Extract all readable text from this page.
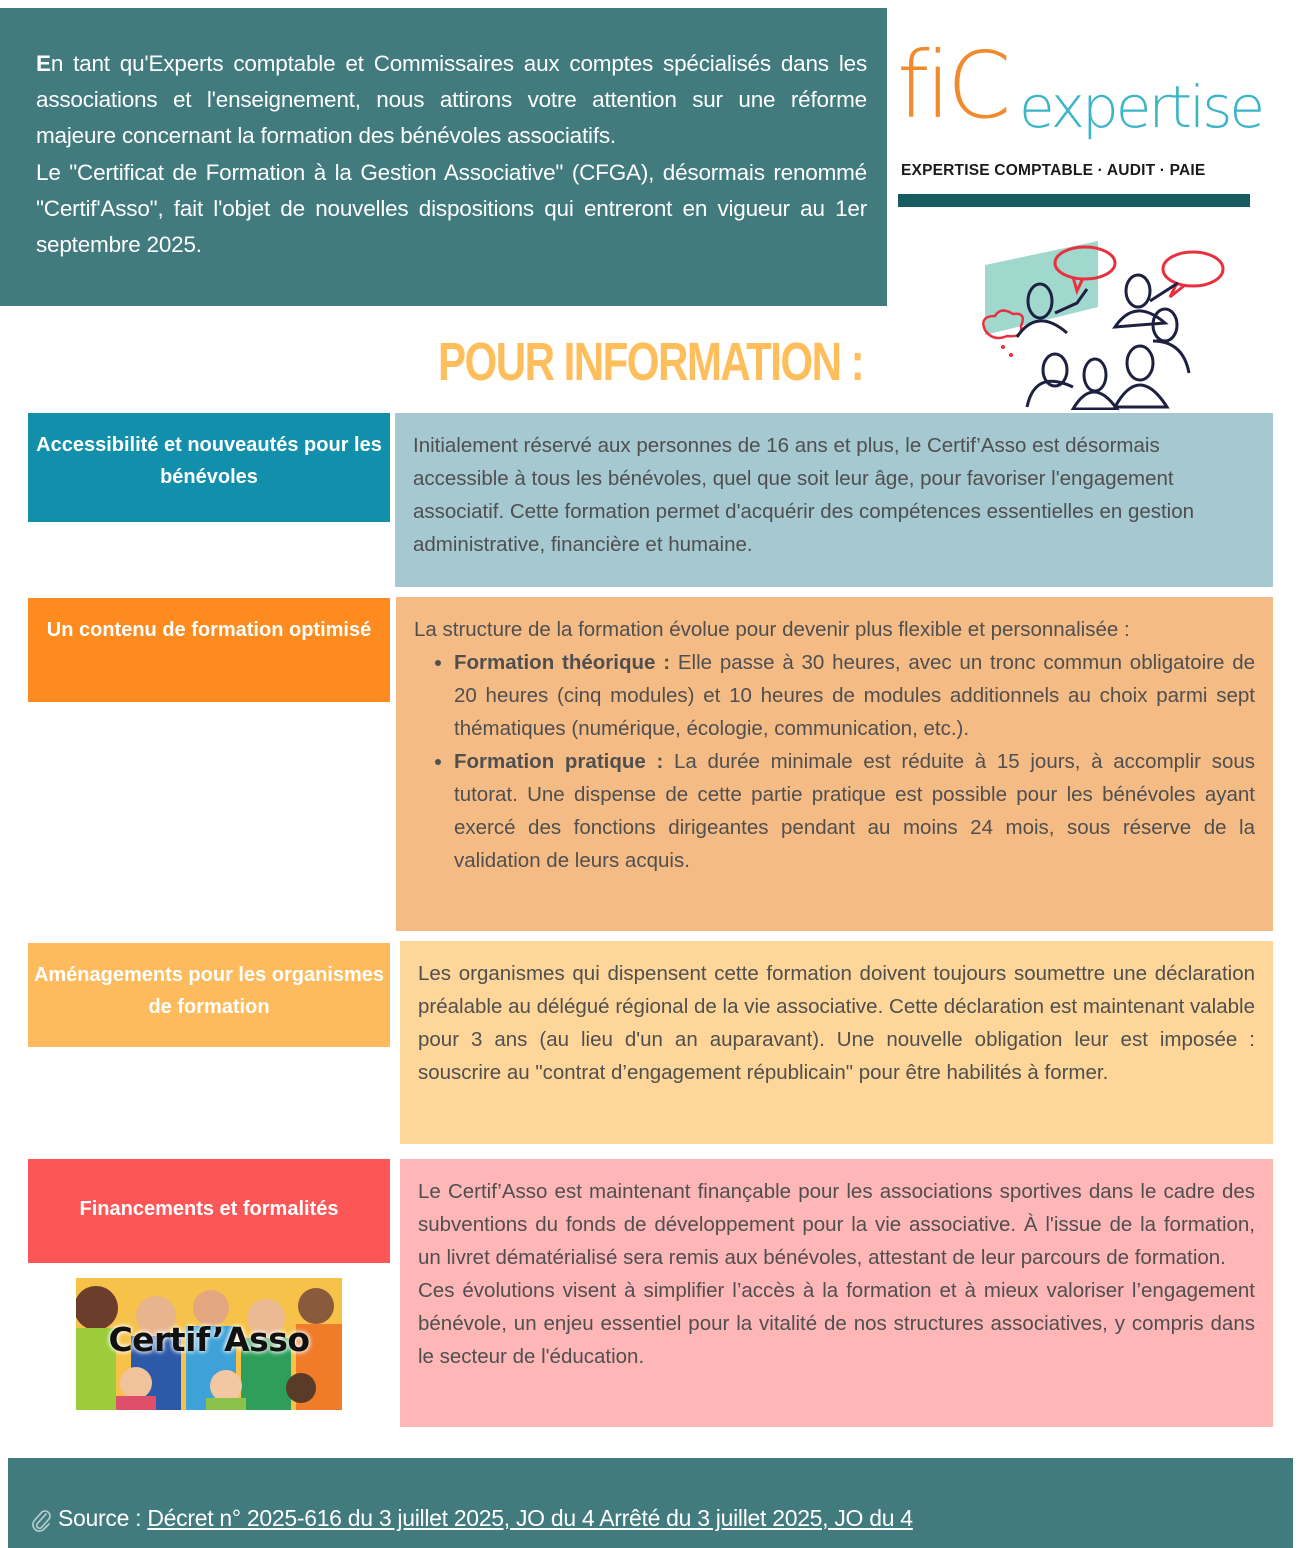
En tant qu'Experts comptable et Commissaires aux comptes spécialisés dans les associations et l'enseignement, nous attirons votre attention sur une réforme majeure concernant la formation des bénévoles associatifs.

Le "Certificat de Formation à la Gestion Associative" (CFGA), désormais renommé "Certif'Asso", fait l'objet de nouvelles dispositions qui entreront en vigueur au 1er septembre 2025.

fiC expertise
EXPERTISE COMPTABLE · AUDIT · PAIE
POUR INFORMATION :
Accessibilité et nouveautés pour les bénévoles

Initialement réservé aux personnes de 16 ans et plus, le Certif’Asso est désormais accessible à tous les bénévoles, quel que soit leur âge, pour favoriser l'engagement associatif. Cette formation permet d'acquérir des compétences essentielles en gestion administrative, financière et humaine.

Un contenu de formation optimisé	La structure de la formation évolue pour devenir plus flexible et personnalisée :

• Formation théorique : Elle passe à 30 heures, avec un tronc commun obligatoire de 20 heures (cinq modules) et 10 heures de modules additionnels au choix parmi sept thématiques (numérique, écologie, communication, etc.).
• Formation pratique : La durée minimale est réduite à 15 jours, à accomplir sous tutorat. Une dispense de cette partie pratique est possible pour les bénévoles ayant exercé des fonctions dirigeantes pendant au moins 24 mois, sous réserve de la validation de leurs acquis.
Aménagements pour les organismes de formation

Les organismes qui dispensent cette formation doivent toujours soumettre une déclaration préalable au délégué régional de la vie associative. Cette déclaration est maintenant valable pour 3 ans (au lieu d'un an auparavant). Une nouvelle obligation leur est imposée : souscrire au "contrat d’engagement républicain" pour être habilités à former.

Financements et formalités

Le Certif’Asso est maintenant finançable pour les associations sportives dans le cadre des subventions du fonds de développement pour la vie associative. À l'issue de la formation, un livret dématérialisé sera remis aux bénévoles, attestant de leur parcours de formation.

Ces évolutions visent à simplifier l’accès à la formation et à mieux valoriser l’engagement bénévole, un enjeu essentiel pour la vitalité de nos structures associatives, y compris dans le secteur de l'éducation.

Certif’Asso
Source : Décret n° 2025-616 du 3 juillet 2025, JO du 4 Arrêté du 3 juillet 2025, JO du 4
